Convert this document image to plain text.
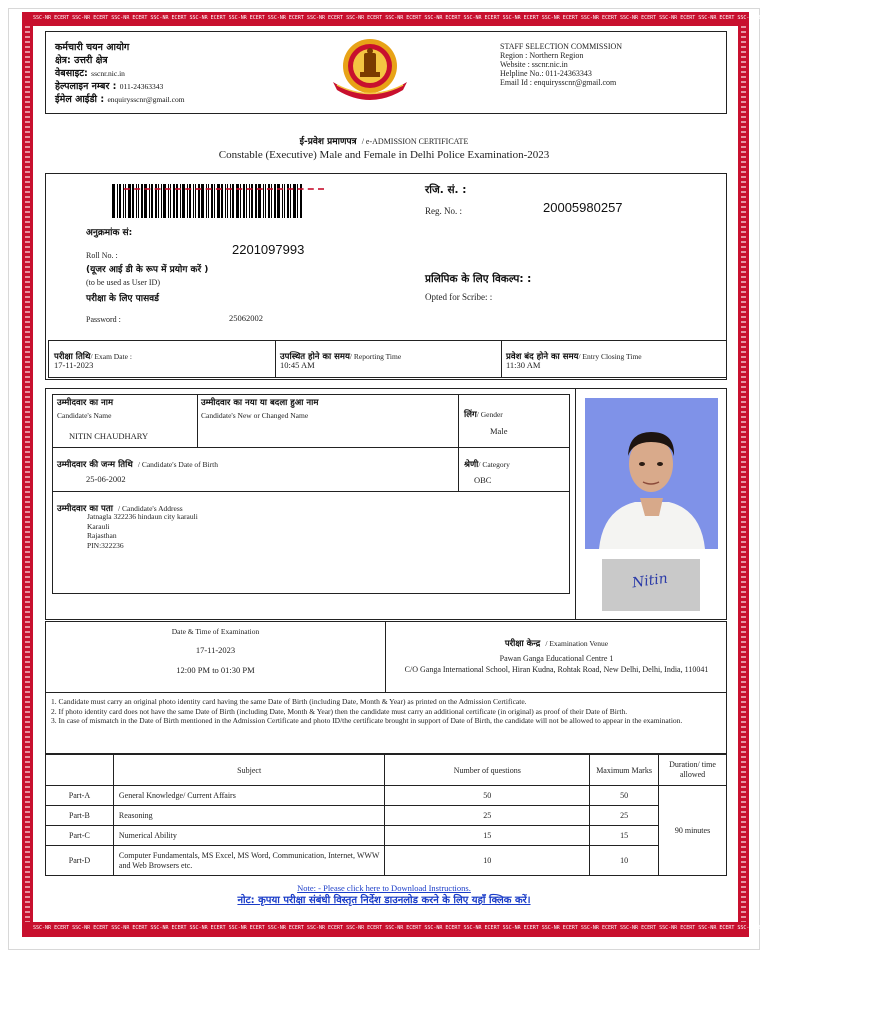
SSC-NR ECERT SSC-NR ECERT SSC-NR ECERT SSC-NR ECERT SSC-NR ECERT SSC-NR ECERT SSC-NR ECERT SSC-NR ECERT SSC-NR ECERT SSC-NR ECERT SSC-NR ECERT SSC-NR ECERT SSC-NR ECERT SSC-NR ECERT SSC-NR ECERT SSC-NR ECERT SSC-NR ECERT SSC-NR ECERT SSC-NR ECERT SSC-NR ECERT SSC-NR ECERT SSC-NR ECERT
SSC-NR ECERT SSC-NR ECERT SSC-NR ECERT SSC-NR ECERT SSC-NR ECERT SSC-NR ECERT SSC-NR ECERT SSC-NR ECERT SSC-NR ECERT SSC-NR ECERT SSC-NR ECERT SSC-NR ECERT SSC-NR ECERT SSC-NR ECERT SSC-NR ECERT SSC-NR ECERT SSC-NR ECERT SSC-NR ECERT SSC-NR ECERT SSC-NR ECERT SSC-NR ECERT SSC-NR ECERT
कर्मचारी चयन आयोग
क्षेत्र: उत्तरी क्षेत्र
वेबसाइट: sscnr.nic.in
हेल्पलाइन नम्बर : 011-24363343
ईमेल आईडी : enquirysscnr@gmail.com
STAFF SELECTION COMMISSION
Region : Northern Region
Website : sscnr.nic.in
Helpline No.: 011-24363343
Email Id : enquirysscnr@gmail.com
ई-प्रवेश प्रमाणपत्र / e-ADMISSION CERTIFICATE
Constable (Executive) Male and Female in Delhi Police Examination-2023
रजि. सं. :
Reg. No. :	20005980257
अनुक्रमांक सं:
Roll No. :	2201097993
(यूजर आई डी के रूप में प्रयोग करें )
(to be used as User ID)	प्रलिपिक के लिए विकल्प: :
Opted for Scribe: :
परीक्षा के लिए पासवर्ड
Password :	25062002
परीक्षा तिथि/ Exam Date :
17-11-2023
उपस्थित होने का समय/ Reporting Time
10:45 AM
प्रवेश बंद होने का समय/ Entry Closing Time
11:30 AM
उम्मीदवार का नाम
Candidate's Name
NITIN CHAUDHARY
उम्मीदवार का नया या बदला हुआ नाम
Candidate's New or Changed Name	लिंग/ Gender
Male
उम्मीदवार की जन्म तिथि / Candidate's Date of Birth
25-06-2002
श्रेणी/ Category
OBC
उम्मीदवार का पता / Candidate's Address
Jatnagla 322236 hindaun city karauli
Karauli
Rajasthan
PIN:322236
Nitin
Date & Time of Examination
17-11-2023
12:00 PM to 01:30 PM
परीक्षा केन्द्र / Examination Venue
Pawan Ganga Educational Centre 1
C/O Ganga International School, Hiran Kudna, Rohtak Road, New Delhi, Delhi, India, 110041
1. Candidate must carry an original photo identity card having the same Date of Birth (including Date, Month & Year) as printed on the Admission Certificate.
2. If photo identity card does not have the same Date of Birth (including Date, Month & Year) then the candidate must carry an additional certificate (in original) as proof of their Date of Birth.
3. In case of mismatch in the Date of Birth mentioned in the Admission Certificate and photo ID/the certificate brought in support of Date of Birth, the candidate will not be allowed to appear in the examination.
	Subject	Number of questions	Maximum Marks	Duration/ time allowed
Part-A	General Knowledge/ Current Affairs	50	50	90 minutes
Part-B	Reasoning	25	25	
Part-C	Numerical Ability	15	15	
Part-D	Computer Fundamentals, MS Excel, MS Word, Communication, Internet, WWW and Web Browsers etc.	10	10	
Note: - Please click here to Download Instructions.
नोट: कृपया परीक्षा संबंधी विस्तृत निर्देश डाउनलोड करने के लिए यहाँ क्लिक करें।
